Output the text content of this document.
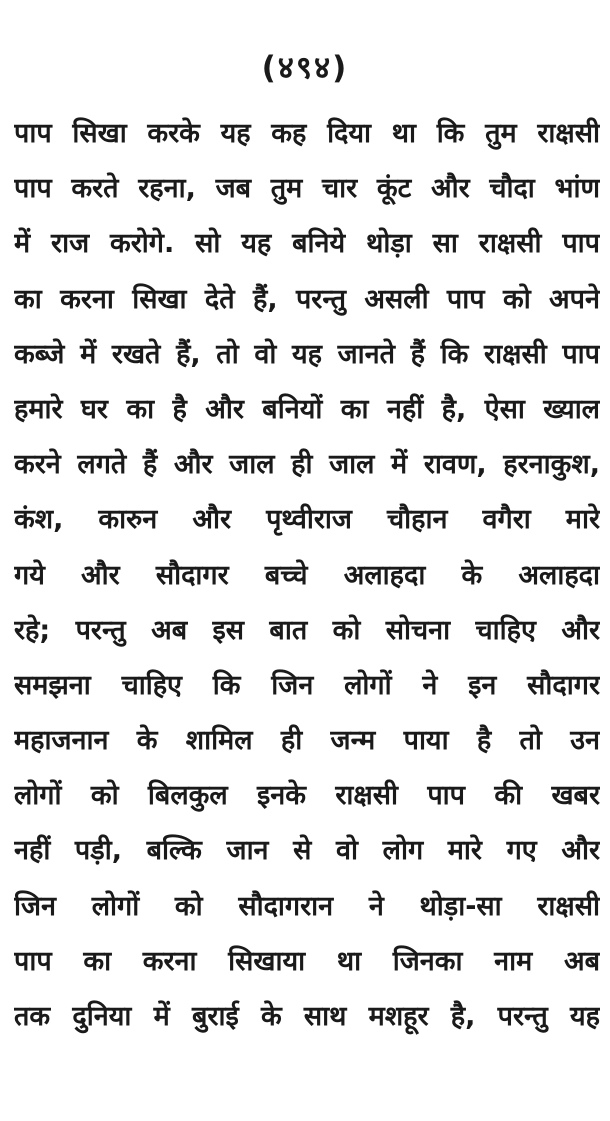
(४९४)
पाप सिखा करके यह कह दिया था कि तुम राक्षसी
पाप करते रहना, जब तुम चार कूंट और चौदा भांण
में राज करोगे. सो यह बनिये थोड़ा सा राक्षसी पाप
का करना सिखा देते हैं, परन्तु असली पाप को अपने
कब्जे में रखते हैं, तो वो यह जानते हैं कि राक्षसी पाप
हमारे घर का है और बनियों का नहीं है, ऐसा ख्याल
करने लगते हैं और जाल ही जाल में रावण, हरनाकुश,
कंश, कारुन और पृथ्वीराज चौहान वगैरा मारे
गये और सौदागर बच्चे अलाहदा के अलाहदा
रहे; परन्तु अब इस बात को सोचना चाहिए और
समझना चाहिए कि जिन लोगों ने इन सौदागर
महाजनान के शामिल ही जन्म पाया है तो उन
लोगों को बिलकुल इनके राक्षसी पाप की खबर
नहीं पड़ी, बल्कि जान से वो लोग मारे गए और
जिन लोगों को सौदागरान ने थोड़ा-सा राक्षसी
पाप का करना सिखाया था जिनका नाम अब
तक दुनिया में बुराई के साथ मशहूर है, परन्तु यह
